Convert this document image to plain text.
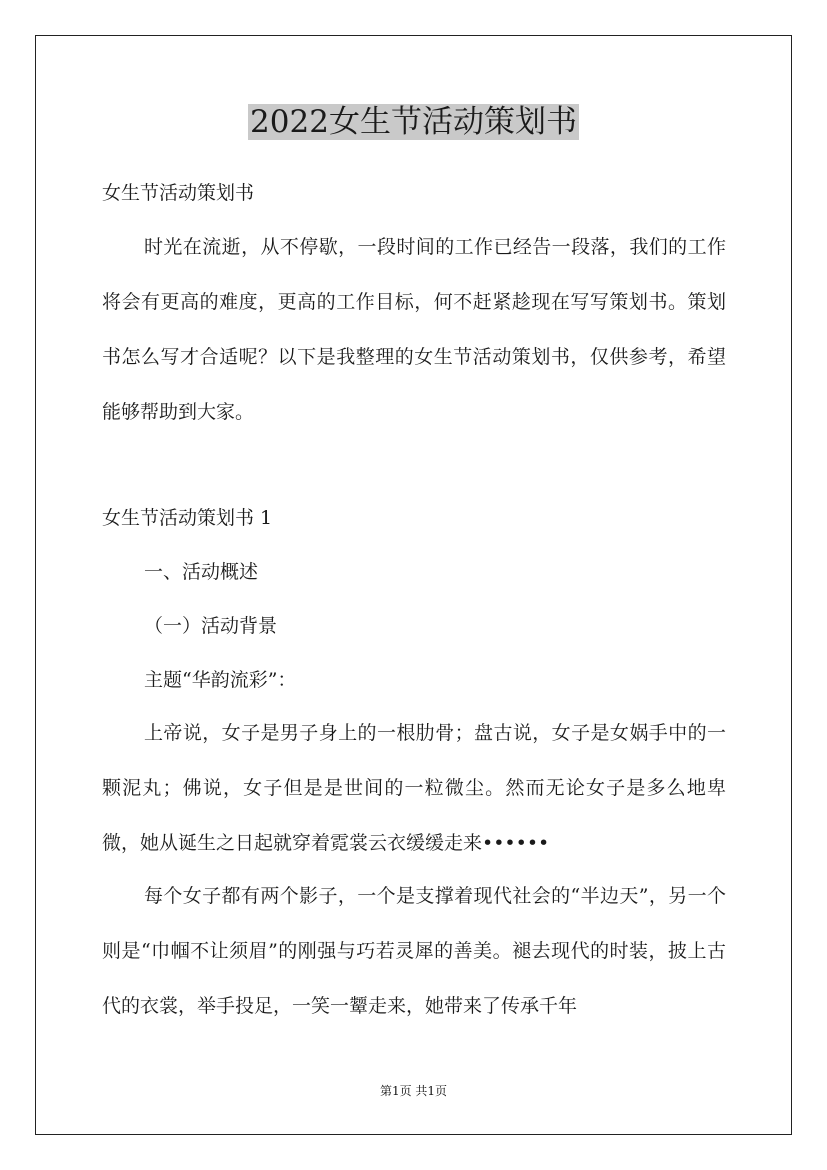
2022女生节活动策划书
女生节活动策划书
时光在流逝，从不停歇，一段时间的工作已经告一段落，我们的工作将会有更高的难度，更高的工作目标，何不赶紧趁现在写写策划书。策划书怎么写才合适呢？以下是我整理的女生节活动策划书，仅供参考，希望能够帮助到大家。
女生节活动策划书 1
一、活动概述
（一）活动背景
主题“华韵流彩”：
上帝说，女子是男子身上的一根肋骨；盘古说，女子是女娲手中的一颗泥丸；佛说，女子但是是世间的一粒微尘。然而无论女子是多么地卑微，她从诞生之日起就穿着霓裳云衣缓缓走来••••••
每个女子都有两个影子，一个是支撑着现代社会的“半边天”，另一个则是“巾帼不让须眉”的刚强与巧若灵犀的善美。褪去现代的时装，披上古代的衣裳，举手投足，一笑一颦走来，她带来了传承千年
第1页 共1页
